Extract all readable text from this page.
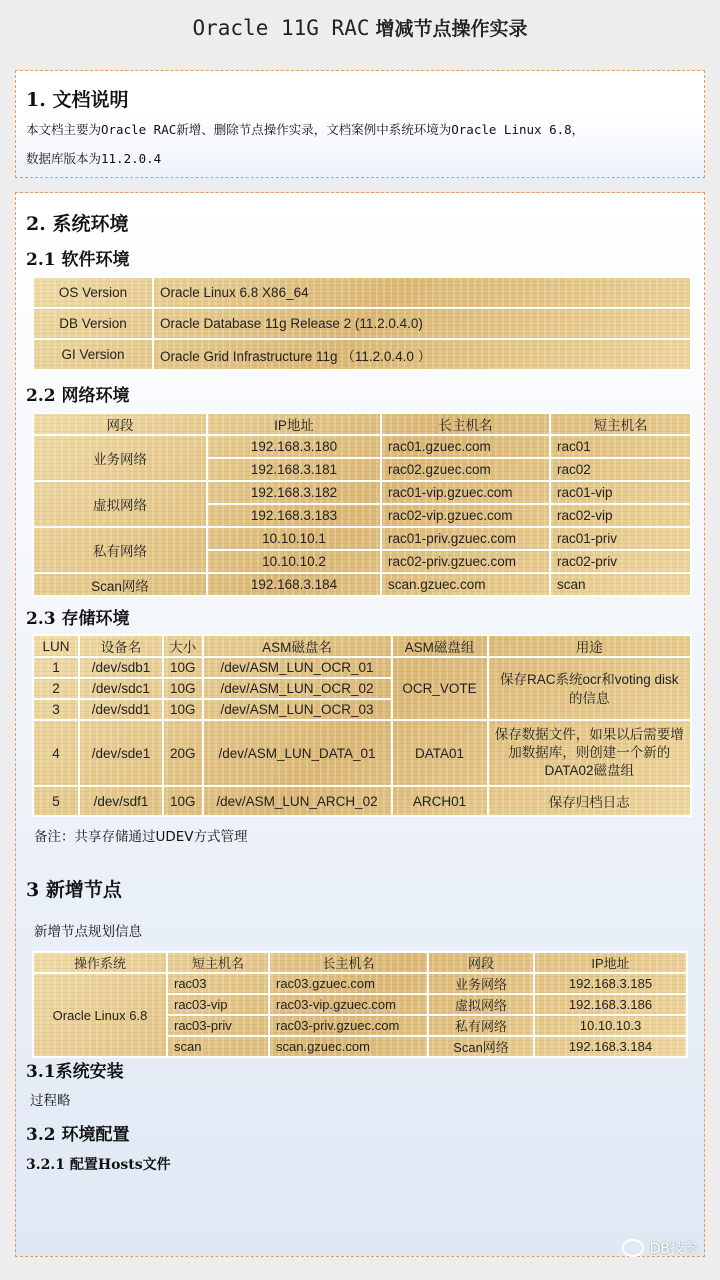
Oracle 11G RAC 增减节点操作实录
1. 文档说明
本文档主要为Oracle RAC新增、删除节点操作实录，文档案例中系统环境为Oracle Linux 6.8，
数据库版本为11.2.0.4
2. 系统环境
2.1 软件环境
OS Version	Oracle Linux 6.8 X86_64
DB Version	Oracle Database 11g Release 2 (11.2.0.4.0)
GI Version	Oracle Grid Infrastructure 11g （11.2.0.4.0 ）
2.2 网络环境
网段	IP地址	长主机名	短主机名
业务网络	192.168.3.180	rac01.gzuec.com	rac01
	192.168.3.181	rac02.gzuec.com	rac02
虚拟网络	192.168.3.182	rac01-vip.gzuec.com	rac01-vip
	192.168.3.183	rac02-vip.gzuec.com	rac02-vip
私有网络	10.10.10.1	rac01-priv.gzuec.com	rac01-priv
	10.10.10.2	rac02-priv.gzuec.com	rac02-priv
Scan网络	192.168.3.184	scan.gzuec.com	scan
2.3 存储环境
LUN	设备名	大小	ASM磁盘名	ASM磁盘组	用途
1	/dev/sdb1	10G	/dev/ASM_LUN_OCR_01	OCR_VOTE	保存RAC系统ocr和voting disk的信息
2	/dev/sdc1	10G	/dev/ASM_LUN_OCR_02		
3	/dev/sdd1	10G	/dev/ASM_LUN_OCR_03		
4	/dev/sde1	20G	/dev/ASM_LUN_DATA_01	DATA01	保存数据文件，如果以后需要增加数据库，则创建一个新的DATA02磁盘组
5	/dev/sdf1	10G	/dev/ASM_LUN_ARCH_02	ARCH01	保存归档日志
备注：共享存储通过UDEV方式管理
3 新增节点
新增节点规划信息
操作系统	短主机名	长主机名	网段	IP地址
Oracle Linux 6.8	rac03	rac03.gzuec.com	业务网络	192.168.3.185
	rac03-vip	rac03-vip.gzuec.com	虚拟网络	192.168.3.186
	rac03-priv	rac03-priv.gzuec.com	私有网络	10.10.10.3
	scan	scan.gzuec.com	Scan网络	192.168.3.184
3.1系统安装
过程略
3.2 环境配置
3.2.1 配置Hosts文件
DB技参
